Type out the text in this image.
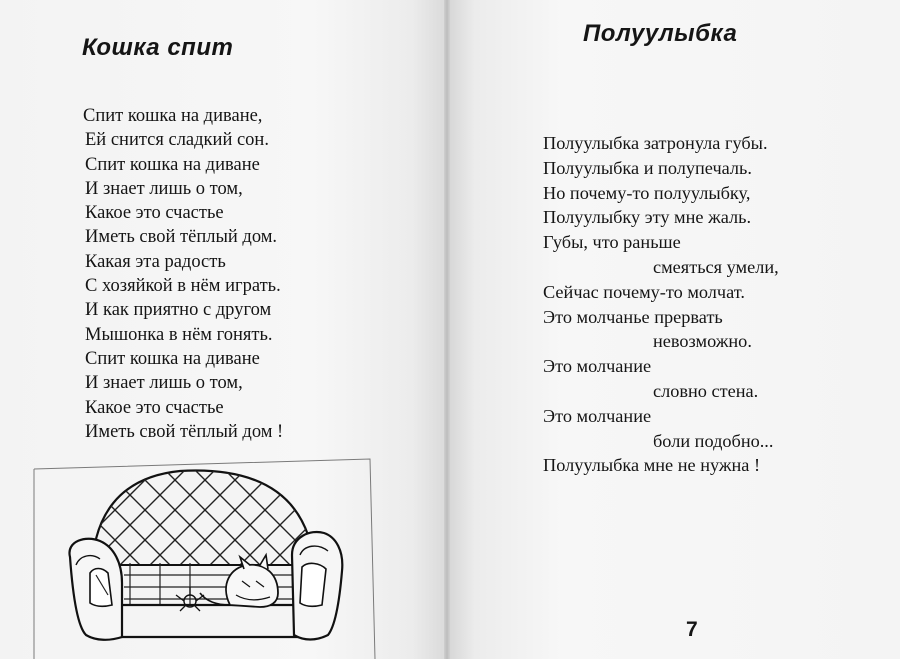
Кошка спит
Спит кошка на диване,
Ей снится сладкий сон.
Спит кошка на диване
И знает лишь о том,
Какое это счастье
Иметь свой тёплый дом.
Какая эта радость
С хозяйкой в нём играть.
И как приятно с другом
Мышонка в нём гонять.
Спит кошка на диване
И знает лишь о том,
Какое это счастье
Иметь свой тёплый дом !
Полуулыбка
Полуулыбка затронула губы.
Полуулыбка и полупечаль.
Но почему-то полуулыбку,
Полуулыбку эту мне жаль.
Губы, что раньше
смеяться умели,
Сейчас почему-то молчат.
Это молчанье прервать
невозможно.
Это молчание
словно стена.
Это молчание
боли подобно...
Полуулыбка мне не нужна !
7
